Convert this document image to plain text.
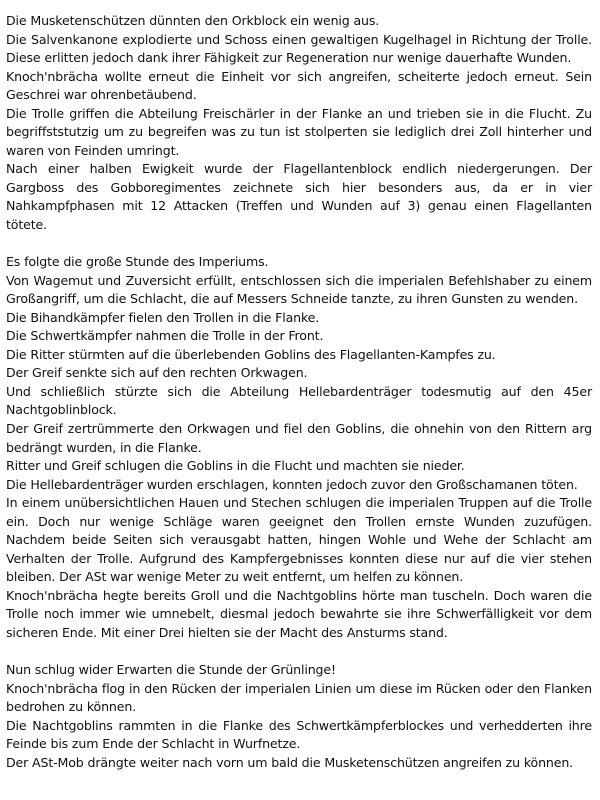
Die Musketenschützen dünnten den Orkblock ein wenig aus.

Die Salvenkanone explodierte und Schoss einen gewaltigen Kugelhagel in Richtung der Trolle. Diese erlitten jedoch dank ihrer Fähigkeit zur Regeneration nur wenige dauerhafte Wunden.

Knoch'nbrächa wollte erneut die Einheit vor sich angreifen, scheiterte jedoch erneut. Sein Geschrei war ohrenbetäubend.

Die Trolle griffen die Abteilung Freischärler in der Flanke an und trieben sie in die Flucht. Zu begriffststutzig um zu begreifen was zu tun ist stolperten sie lediglich drei Zoll hinterher und waren von Feinden umringt.

Nach einer halben Ewigkeit wurde der Flagellantenblock endlich niedergerungen. Der Gargboss des Gobboregimentes zeichnete sich hier besonders aus, da er in vier Nahkampfphasen mit 12 Attacken (Treffen und Wunden auf 3) genau einen Flagellanten tötete.

Es folgte die große Stunde des Imperiums.

Von Wagemut und Zuversicht erfüllt, entschlossen sich die imperialen Befehlshaber zu einem Großangriff, um die Schlacht, die auf Messers Schneide tanzte, zu ihren Gunsten zu wenden.

Die Bihandkämpfer fielen den Trollen in die Flanke.

Die Schwertkämpfer nahmen die Trolle in der Front.

Die Ritter stürmten auf die überlebenden Goblins des Flagellanten-Kampfes zu.

Der Greif senkte sich auf den rechten Orkwagen.

Und schließlich stürzte sich die Abteilung Hellebardenträger todesmutig auf den 45er Nachtgoblinblock.

Der Greif zertrümmerte den Orkwagen und fiel den Goblins, die ohnehin von den Rittern arg bedrängt wurden, in die Flanke.

Ritter und Greif schlugen die Goblins in die Flucht und machten sie nieder.

Die Hellebardenträger wurden erschlagen, konnten jedoch zuvor den Großschamanen töten.

In einem unübersichtlichen Hauen und Stechen schlugen die imperialen Truppen auf die Trolle ein. Doch nur wenige Schläge waren geeignet den Trollen ernste Wunden zuzufügen. Nachdem beide Seiten sich verausgabt hatten, hingen Wohle und Wehe der Schlacht am Verhalten der Trolle. Aufgrund des Kampfergebnisses konnten diese nur auf die vier stehen bleiben. Der ASt war wenige Meter zu weit entfernt, um helfen zu können.

Knoch'nbrächa hegte bereits Groll und die Nachtgoblins hörte man tuscheln. Doch waren die Trolle noch immer wie umnebelt, diesmal jedoch bewahrte sie ihre Schwerfälligkeit vor dem sicheren Ende. Mit einer Drei hielten sie der Macht des Ansturms stand.

Nun schlug wider Erwarten die Stunde der Grünlinge!

Knoch'nbrächa flog in den Rücken der imperialen Linien um diese im Rücken oder den Flanken bedrohen zu können.

Die Nachtgoblins rammten in die Flanke des Schwertkämpferblockes und verhedderten ihre Feinde bis zum Ende der Schlacht in Wurfnetze.

Der ASt-Mob drängte weiter nach vorn um bald die Musketenschützen angreifen zu können.
